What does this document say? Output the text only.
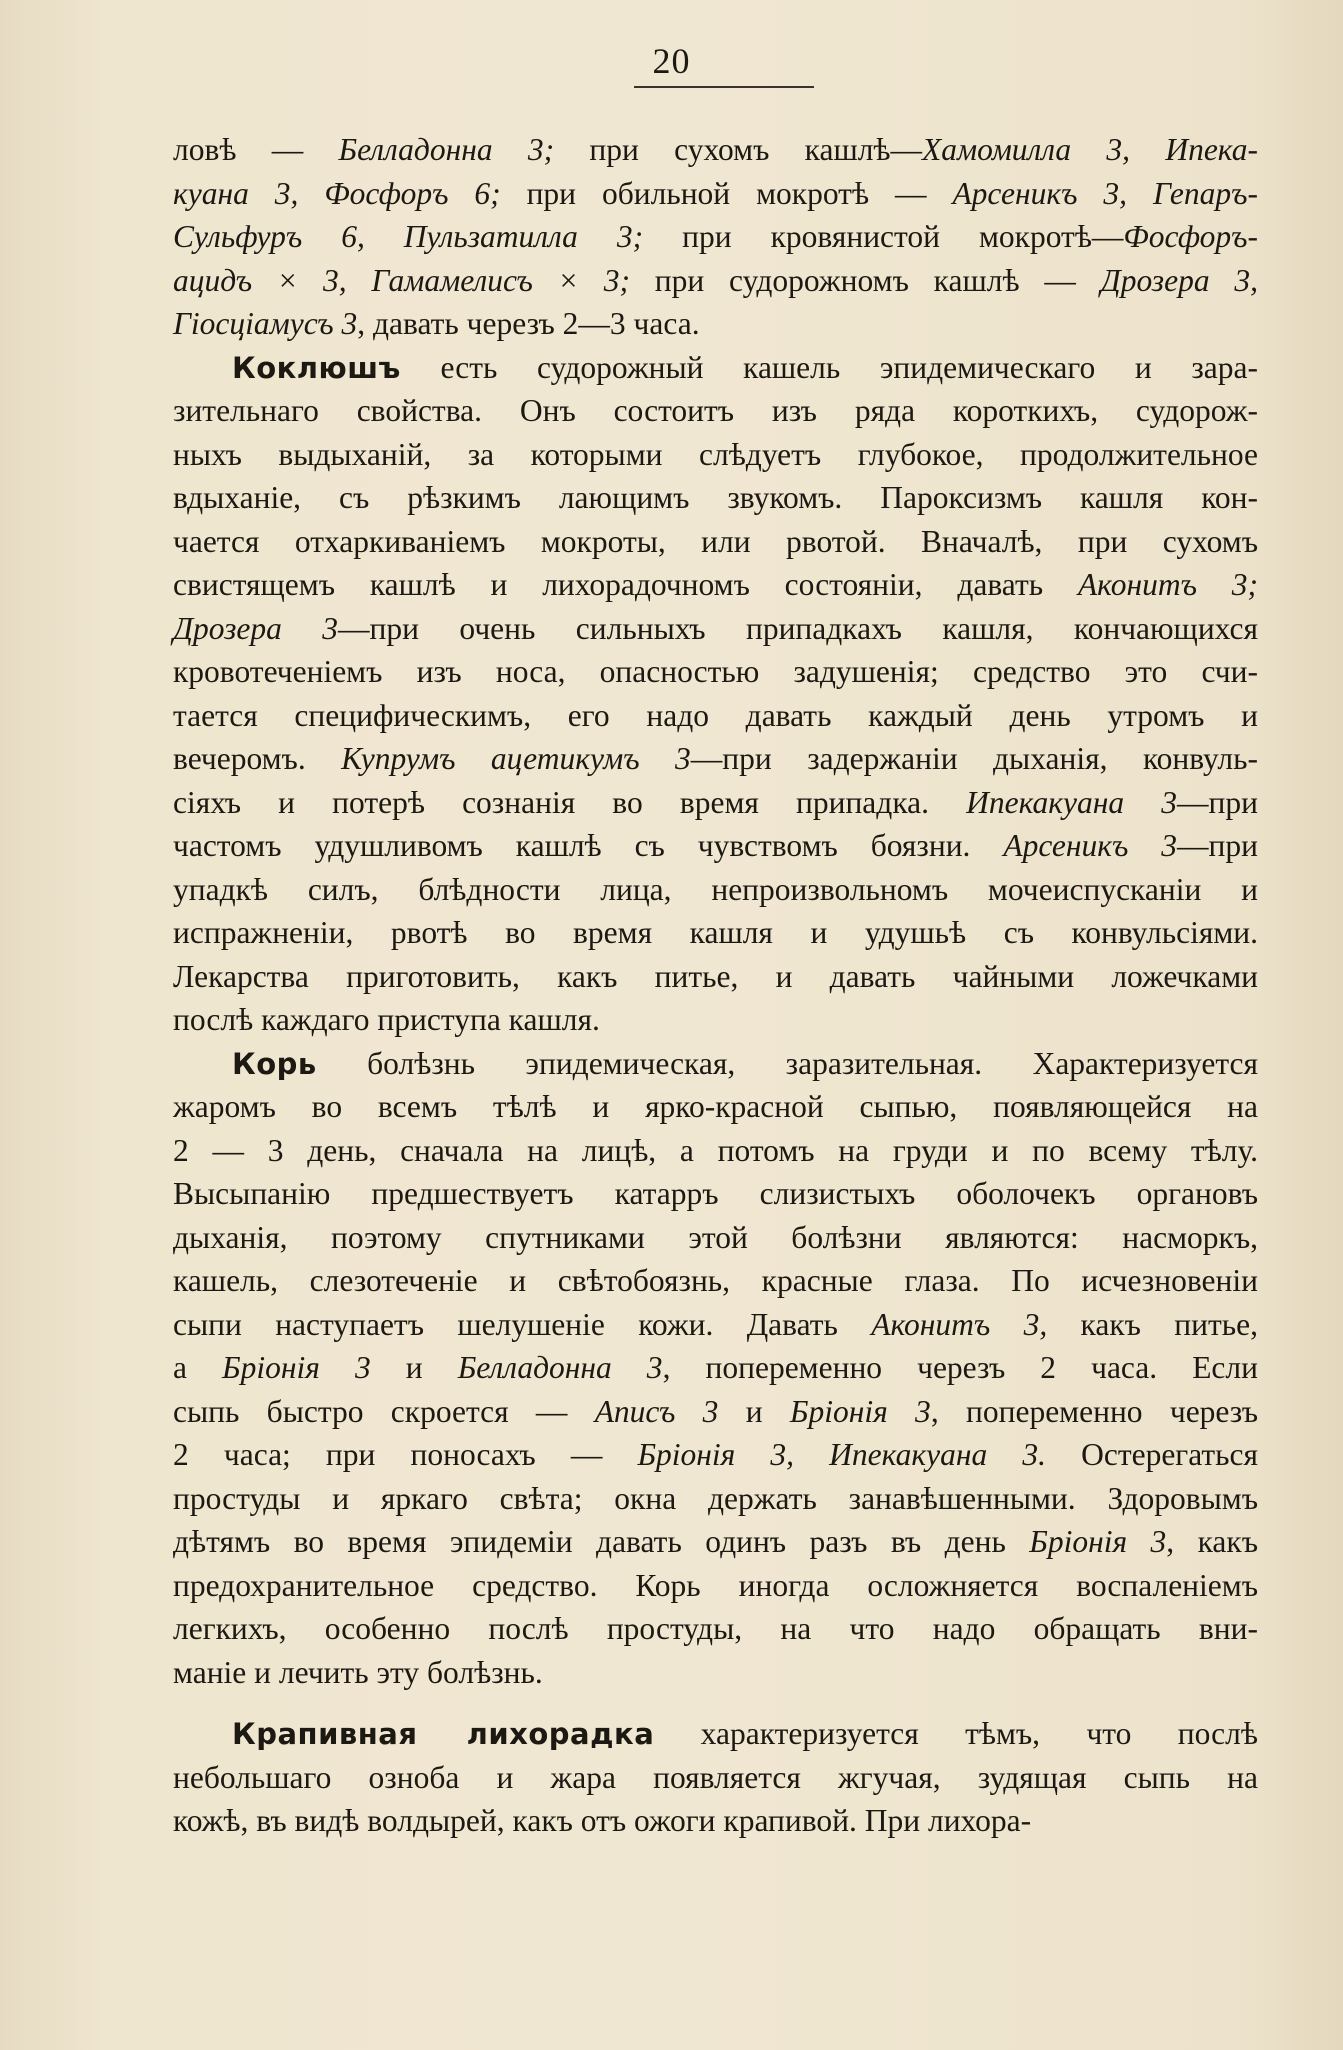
20
ловѣ — Белладонна 3; при сухомъ кашлѣ—Хамомилла 3, Ипека-
куана 3, Фосфоръ 6; при обильной мокротѣ — Арсеникъ 3, Гепаръ-
Сульфуръ 6, Пульзатилла 3; при кровянистой мокротѣ—Фосфоръ-
ацидъ × 3, Гамамелисъ × 3; при судорожномъ кашлѣ — Дрозера 3,
Гіосціамусъ 3, давать черезъ 2—3 часа.
Коклюшъ есть судорожный кашель эпидемическаго и зара-
зительнаго свойства. Онъ состоитъ изъ ряда короткихъ, судорож-
ныхъ выдыханій, за которыми слѣдуетъ глубокое, продолжительное
вдыханіе, съ рѣзкимъ лающимъ звукомъ. Пароксизмъ кашля кон-
чается отхаркиваніемъ мокроты, или рвотой. Вначалѣ, при сухомъ
свистящемъ кашлѣ и лихорадочномъ состояніи, давать Аконитъ 3;
Дрозера 3—при очень сильныхъ припадкахъ кашля, кончающихся
кровотеченіемъ изъ носа, опасностью задушенія; средство это счи-
тается специфическимъ, его надо давать каждый день утромъ и
вечеромъ. Купрумъ ацетикумъ 3—при задержаніи дыханія, конвуль-
сіяхъ и потерѣ сознанія во время припадка. Ипекакуана 3—при
частомъ удушливомъ кашлѣ съ чувствомъ боязни. Арсеникъ 3—при
упадкѣ силъ, блѣдности лица, непроизвольномъ мочеиспусканіи и
испражненіи, рвотѣ во время кашля и удушьѣ съ конвульсіями.
Лекарства приготовить, какъ питье, и давать чайными ложечками
послѣ каждаго приступа кашля.
Корь болѣзнь эпидемическая, заразительная. Характеризуется
жаромъ во всемъ тѣлѣ и ярко-красной сыпью, появляющейся на
2 — 3 день, сначала на лицѣ, а потомъ на груди и по всему тѣлу.
Высыпанію предшествуетъ катарръ слизистыхъ оболочекъ органовъ
дыханія, поэтому спутниками этой болѣзни являются: насморкъ,
кашель, слезотеченіе и свѣтобоязнь, красные глаза. По исчезновеніи
сыпи наступаетъ шелушеніе кожи. Давать Аконитъ 3, какъ питье,
а Бріонія 3 и Белладонна 3, попеременно черезъ 2 часа. Если
сыпь быстро скроется — Аписъ 3 и Бріонія 3, попеременно черезъ
2 часа; при поносахъ — Бріонія 3, Ипекакуана 3. Остерегаться
простуды и яркаго свѣта; окна держать занавѣшенными. Здоровымъ
дѣтямъ во время эпидеміи давать одинъ разъ въ день Бріонія 3, какъ
предохранительное средство. Корь иногда осложняется воспаленіемъ
легкихъ, особенно послѣ простуды, на что надо обращать вни-
маніе и лечить эту болѣзнь.
Крапивная лихорадка характеризуется тѣмъ, что послѣ
небольшаго озноба и жара появляется жгучая, зудящая сыпь на
кожѣ, въ видѣ волдырей, какъ отъ ожоги крапивой. При лихора-
